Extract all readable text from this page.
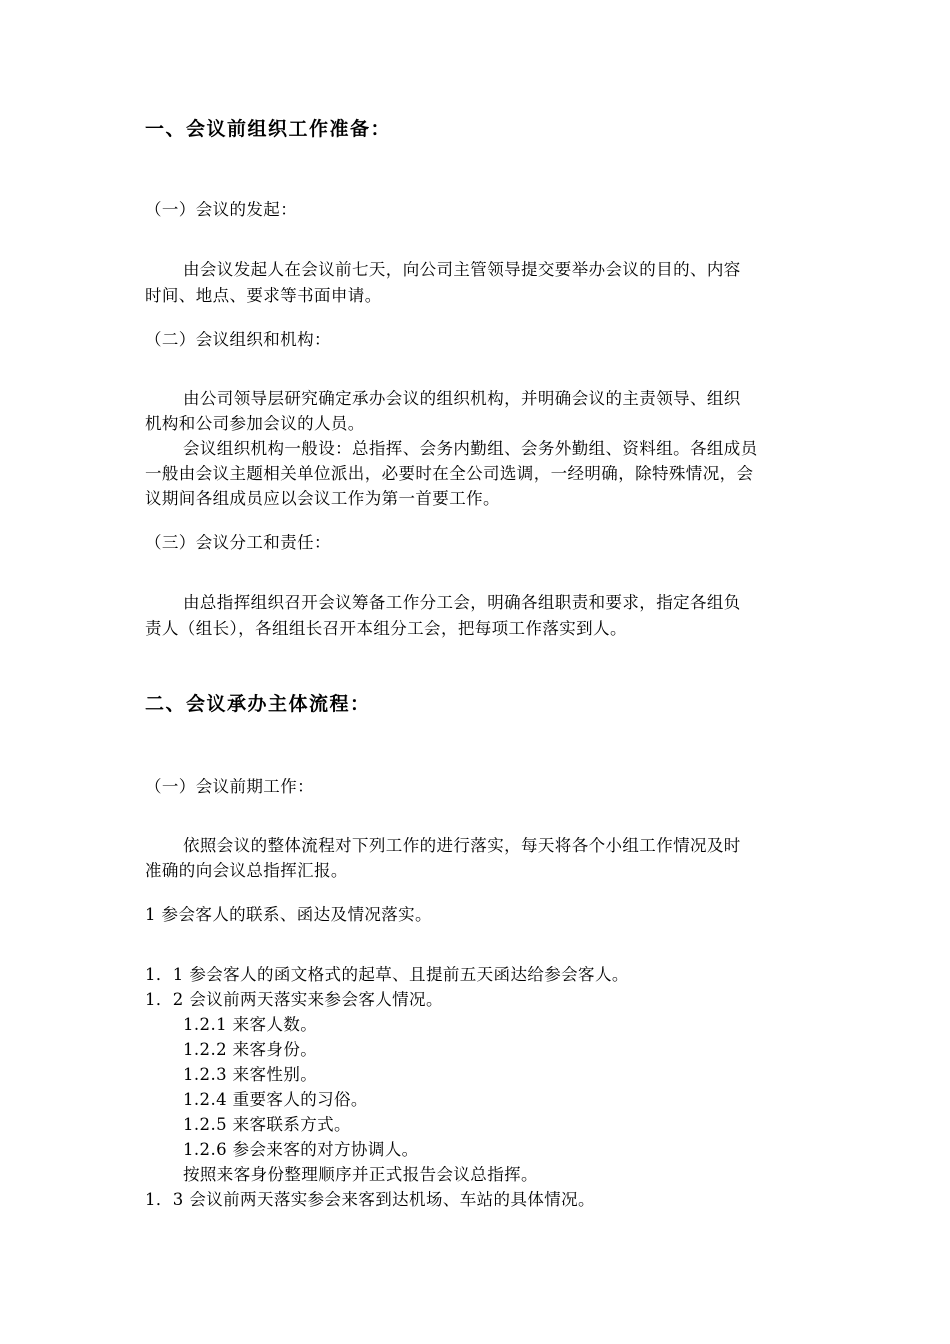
一、会议前组织工作准备：
（一）会议的发起：
由会议发起人在会议前七天，向公司主管领导提交要举办会议的目的、内容
时间、地点、要求等书面申请。
（二）会议组织和机构：
由公司领导层研究确定承办会议的组织机构，并明确会议的主责领导、组织
机构和公司参加会议的人员。
会议组织机构一般设：总指挥、会务内勤组、会务外勤组、资料组。各组成员
一般由会议主题相关单位派出，必要时在全公司选调，一经明确，除特殊情况，会
议期间各组成员应以会议工作为第一首要工作。
（三）会议分工和责任：
由总指挥组织召开会议筹备工作分工会，明确各组职责和要求，指定各组负
责人（组长），各组组长召开本组分工会，把每项工作落实到人。
二、会议承办主体流程：
（一）会议前期工作：
依照会议的整体流程对下列工作的进行落实，每天将各个小组工作情况及时
准确的向会议总指挥汇报。
1 参会客人的联系、函达及情况落实。
1．1 参会客人的函文格式的起草、且提前五天函达给参会客人。
1．2 会议前两天落实来参会客人情况。
1.2.1 来客人数。
1.2.2 来客身份。
1.2.3 来客性别。
1.2.4 重要客人的习俗。
1.2.5 来客联系方式。
1.2.6 参会来客的对方协调人。
按照来客身份整理顺序并正式报告会议总指挥。
1．3 会议前两天落实参会来客到达机场、车站的具体情况。
